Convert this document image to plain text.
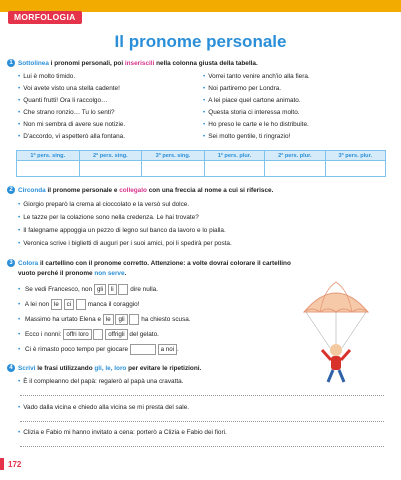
MORFOLOGIA
Il pronome personale
1 Sottolinea i pronomi personali, poi inseriscili nella colonna giusta della tabella.
• Lui è molto timido.
• Voi avete visto una stella cadente!
• Quanti frutti! Ora li raccolgo…
• Che strano ronzio… Tu lo senti?
• Non mi sembra di avere sue notizie.
• D'accordo, vi aspetterò alla fontana.
• Vorrei tanto venire anch'io alla fiera.
• Noi partiremo per Londra.
• A lei piace quel cartone animato.
• Questa storia ci interessa molto.
• Ho preso le carte e le ho distribuite.
• Sei molto gentile, ti ringrazio!
1ª pers. sing.	2ª pers. sing.	3ª pers. sing.	1ª pers. plur.	2ª pers. plur.	3ª pers. plur.

2 Circonda il pronome personale e collegalo con una freccia al nome a cui si riferisce.
• Giorgio preparò la crema al cioccolato e la versò sul dolce.
• Le tazze per la colazione sono nella credenza. Le hai trovate?
• Il falegname appoggia un pezzo di legno sul banco da lavoro e lo pialla.
• Veronica scrive i biglietti di auguri per i suoi amici, poi li spedirà per posta.
3 Colora il cartellino con il pronome corretto. Attenzione: a volte dovrai colorare il cartellino
vuoto perché il pronome non serve.
• Se vedi Francesco, non gli li	dire nulla.
• A lei non le ci	manca il coraggio!
• Massimo ha urtato Elena e le gli	ha chiesto scusa.
• Ecco i nonni: offri loro	offrigli del gelato.
• Ci è rimasto poco tempo per giocare	a noi .
4 Scrivi le frasi utilizzando gli, le, loro per evitare le ripetizioni.
• È il compleanno del papà: regalerò al papà una cravatta.
• Vado dalla vicina e chiedo alla vicina se mi presta del sale.
• Clizia e Fabio mi hanno invitato a cena: porterò a Clizia e Fabio dei fiori.
172
